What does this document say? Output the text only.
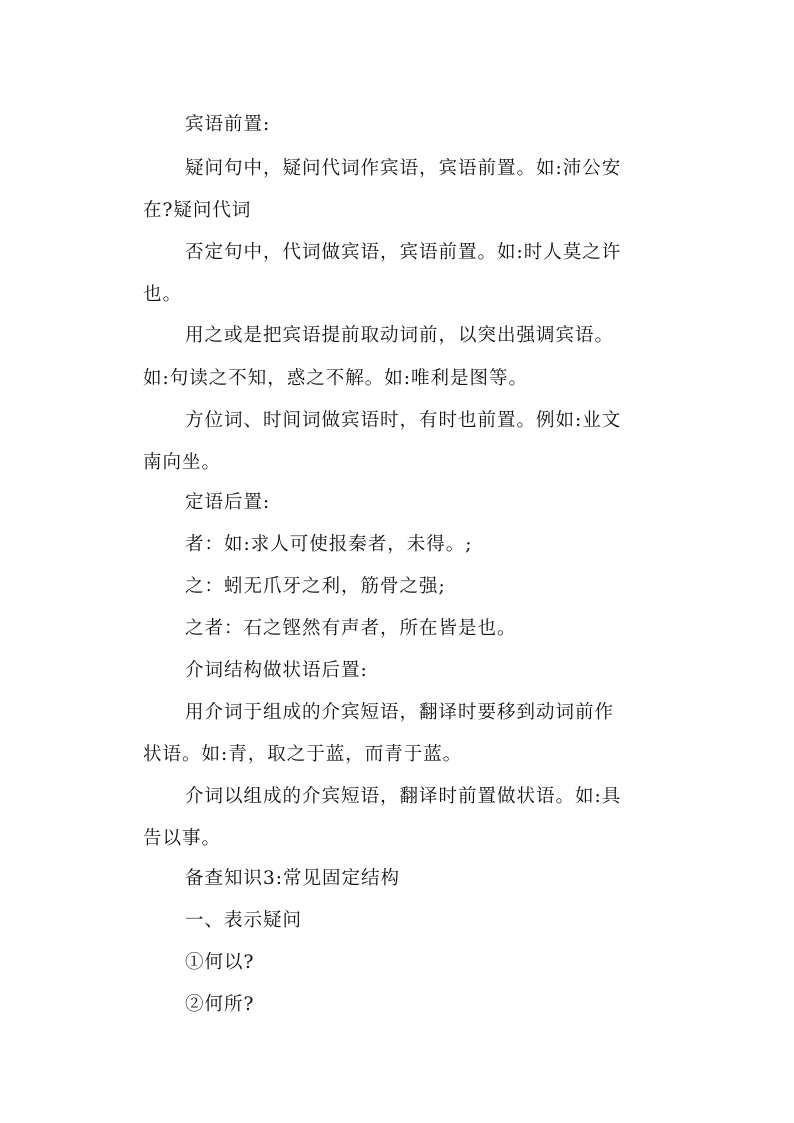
宾语前置:
疑问句中，疑问代词作宾语，宾语前置。如:沛公安
在?疑问代词
否定句中，代词做宾语，宾语前置。如:时人莫之许
也。
用之或是把宾语提前取动词前，以突出强调宾语。
如:句读之不知，惑之不解。如:唯利是图等。
方位词、时间词做宾语时，有时也前置。例如:业文
南向坐。
定语后置:
者：如:求人可使报秦者，未得。;
之：蚓无爪牙之利，筋骨之强;
之者：石之铿然有声者，所在皆是也。
介词结构做状语后置:
用介词于组成的介宾短语，翻译时要移到动词前作
状语。如:青，取之于蓝，而青于蓝。
介词以组成的介宾短语，翻译时前置做状语。如:具
告以事。
备查知识3:常见固定结构
一、表示疑问
①何以?
②何所?
